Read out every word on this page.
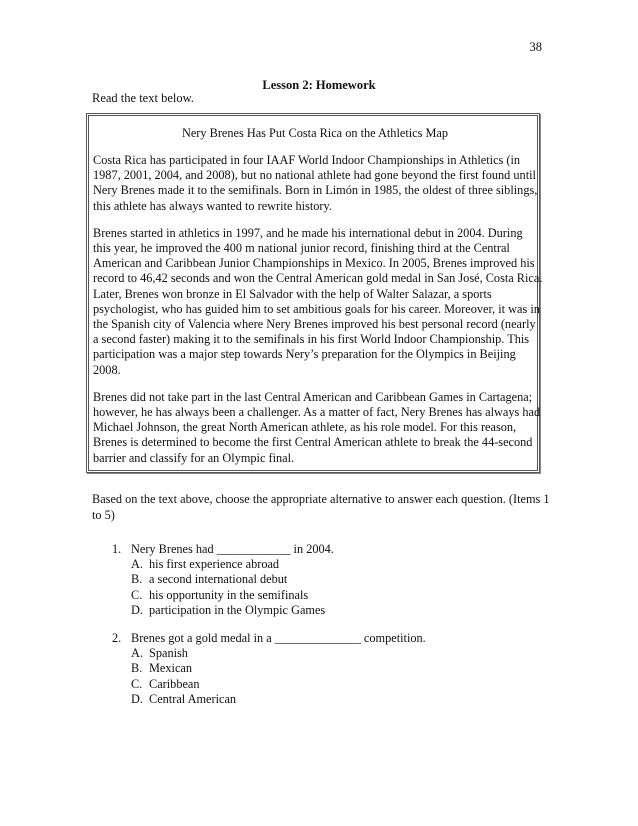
38
Lesson 2: Homework
Read the text below.
Nery Brenes Has Put Costa Rica on the Athletics Map

Costa Rica has participated in four IAAF World Indoor Championships in Athletics (in 1987, 2001, 2004, and 2008), but no national athlete had gone beyond the first found until Nery Brenes made it to the semifinals. Born in Limón in 1985, the oldest of three siblings, this athlete has always wanted to rewrite history.

Brenes started in athletics in 1997, and he made his international debut in 2004. During this year, he improved the 400 m national junior record, finishing third at the Central American and Caribbean Junior Championships in Mexico. In 2005, Brenes improved his record to 46,42 seconds and won the Central American gold medal in San José, Costa Rica. Later, Brenes won bronze in El Salvador with the help of Walter Salazar, a sports psychologist, who has guided him to set ambitious goals for his career. Moreover, it was in the Spanish city of Valencia where Nery Brenes improved his best personal record (nearly a second faster) making it to the semifinals in his first World Indoor Championship. This participation was a major step towards Nery’s preparation for the Olympics in Beijing 2008.

Brenes did not take part in the last Central American and Caribbean Games in Cartagena; however, he has always been a challenger. As a matter of fact, Nery Brenes has always had Michael Johnson, the great North American athlete, as his role model. For this reason, Brenes is determined to become the first Central American athlete to break the 44-second barrier and classify for an Olympic final.

Based on the text above, choose the appropriate alternative to answer each question. (Items 1 to 5)
1. Nery Brenes had ____________ in 2004.
A. his first experience abroad
B. a second international debut
C. his opportunity in the semifinals
D. participation in the Olympic Games
2. Brenes got a gold medal in a ______________ competition.
A. Spanish
B. Mexican
C. Caribbean
D. Central American
